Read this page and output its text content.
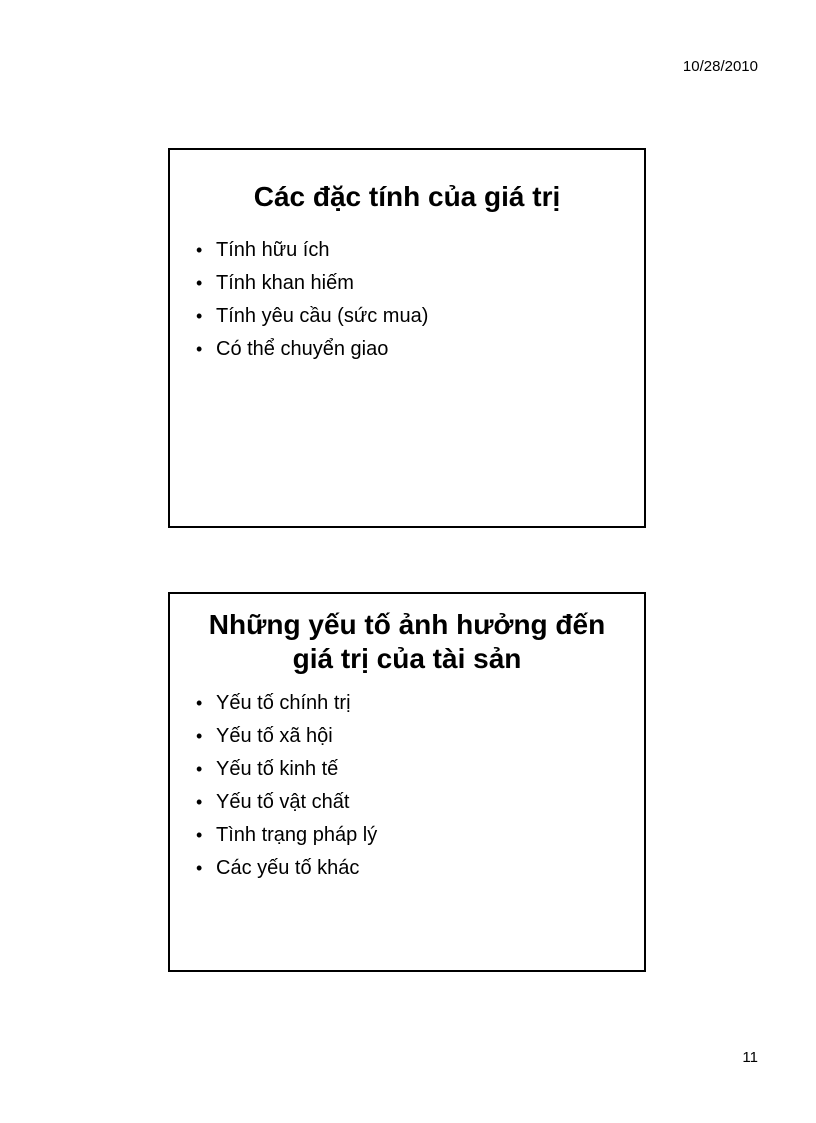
10/28/2010
Các đặc tính của giá trị
• Tính hữu ích
• Tính khan hiếm
• Tính yêu cầu (sức mua)
• Có thể chuyển giao
Những yếu tố ảnh hưởng đến giá trị của tài sản
• Yếu tố chính trị
• Yếu tố xã hội
• Yếu tố kinh tế
• Yếu tố vật chất
• Tình trạng pháp lý
• Các yếu tố khác
11
